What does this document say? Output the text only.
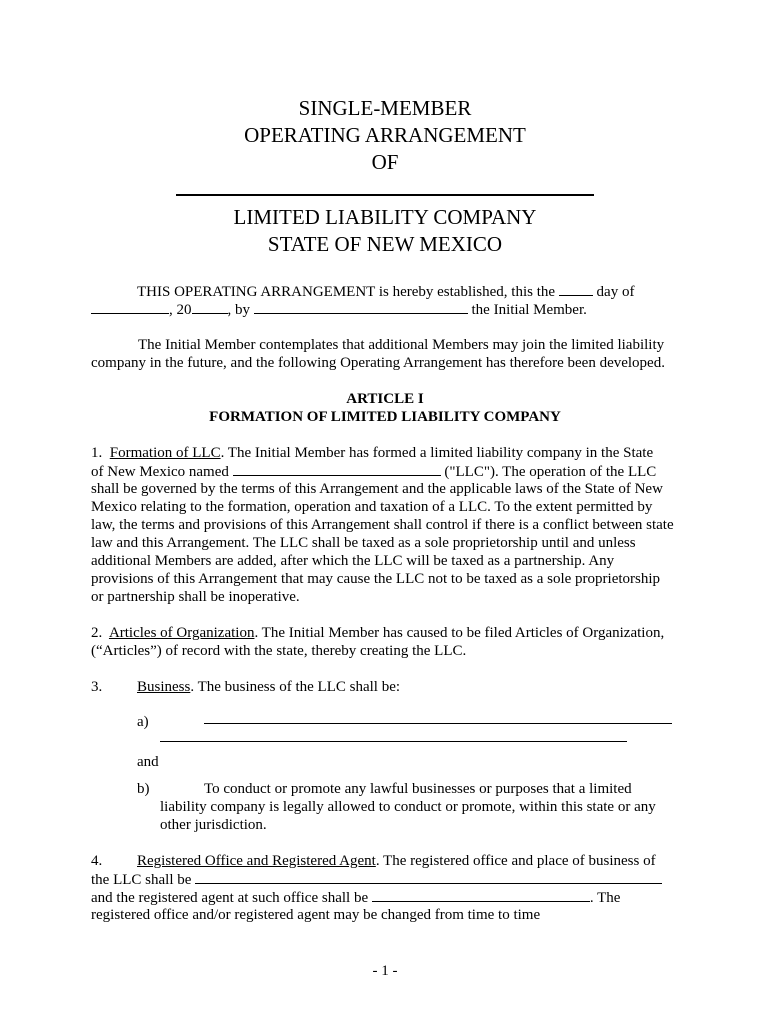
SINGLE-MEMBER
OPERATING ARRANGEMENT
OF
LIMITED LIABILITY COMPANY
STATE OF NEW MEXICO
THIS OPERATING ARRANGEMENT is hereby established, this the	day of
, 20 , by	the Initial Member.
The Initial Member contemplates that additional Members may join the limited liability
company in the future, and the following Operating Arrangement has therefore been developed.
ARTICLE I
FORMATION OF LIMITED LIABILITY COMPANY
1. Formation of LLC. The Initial Member has formed a limited liability company in the State
of New Mexico named	("LLC"). The operation of the LLC
shall be governed by the terms of this Arrangement and the applicable laws of the State of New
Mexico relating to the formation, operation and taxation of a LLC. To the extent permitted by
law, the terms and provisions of this Arrangement shall control if there is a conflict between state
law and this Arrangement. The LLC shall be taxed as a sole proprietorship until and unless
additional Members are added, after which the LLC will be taxed as a partnership. Any
provisions of this Arrangement that may cause the LLC not to be taxed as a sole proprietorship
or partnership shall be inoperative.
2. Articles of Organization. The Initial Member has caused to be filed Articles of Organization,
(“Articles”) of record with the state, thereby creating the LLC.
3. Business. The business of the LLC shall be:
a)
and
b)	To conduct or promote any lawful businesses or purposes that a limited
liability company is legally allowed to conduct or promote, within this state or any
other jurisdiction.
4. Registered Office and Registered Agent. The registered office and place of business of
the LLC shall be
and the registered agent at such office shall be	. The
registered office and/or registered agent may be changed from time to time
- 1 -
